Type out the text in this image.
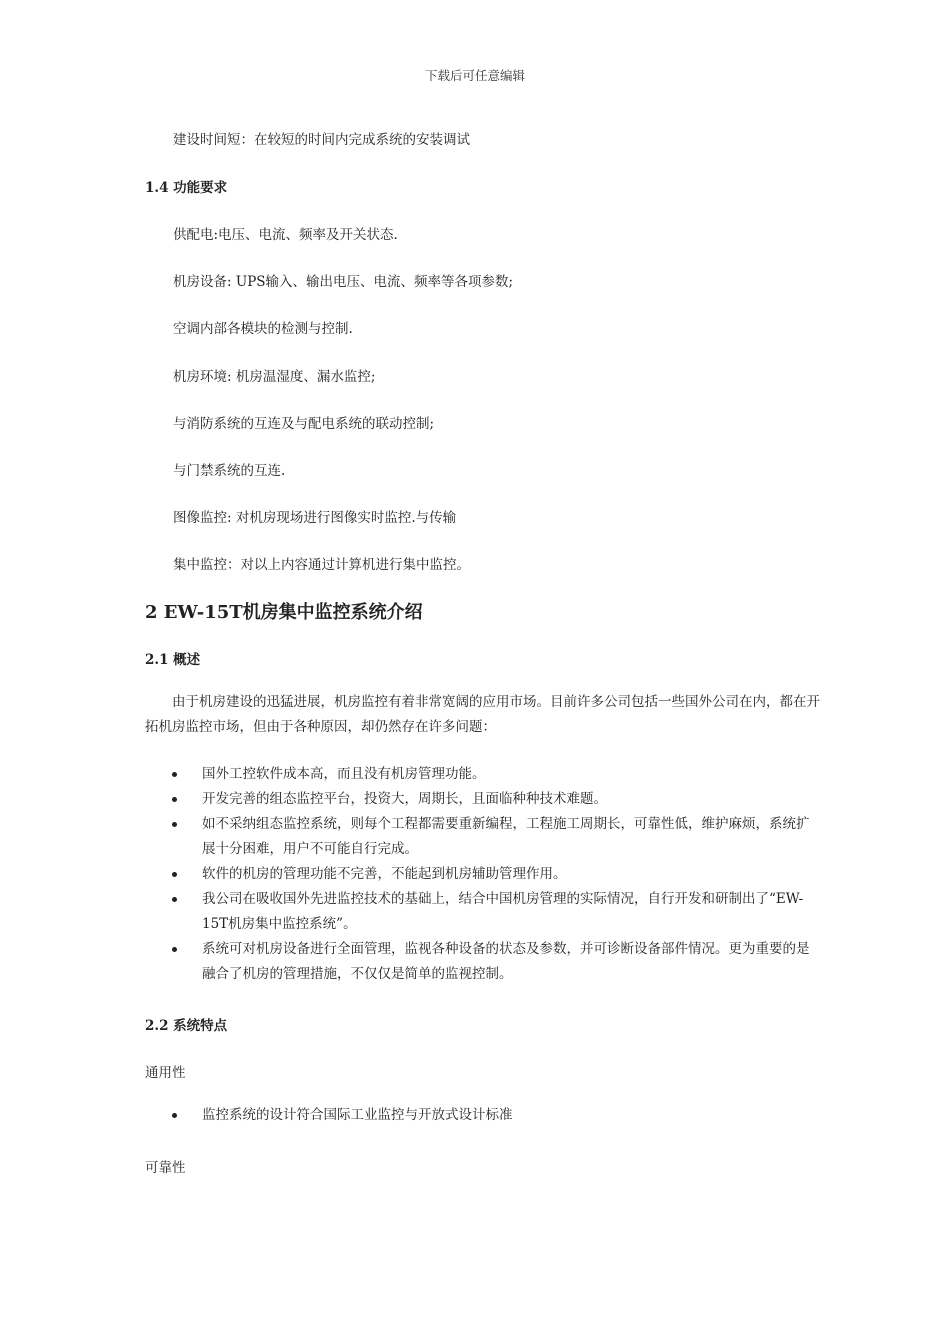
下载后可任意编辑
建设时间短：在较短的时间内完成系统的安装调试
1.4 功能要求
供配电:电压、电流、频率及开关状态.
机房设备: UPS输入、输出电压、电流、频率等各项参数;
空调内部各模块的检测与控制.
机房环境: 机房温湿度、漏水监控;
与消防系统的互连及与配电系统的联动控制;
与门禁系统的互连.
图像监控: 对机房现场进行图像实时监控.与传输
集中监控：对以上内容通过计算机进行集中监控。
2 EW-15T机房集中监控系统介绍
2.1 概述
由于机房建设的迅猛进展，机房监控有着非常宽阔的应用市场。目前许多公司包括一些国外公司在内，都在开拓机房监控市场，但由于各种原因，却仍然存在许多问题：
国外工控软件成本高，而且没有机房管理功能。
开发完善的组态监控平台，投资大，周期长，且面临种种技术难题。
如不采纳组态监控系统，则每个工程都需要重新编程，工程施工周期长，可靠性低，维护麻烦，系统扩展十分困难，用户不可能自行完成。
软件的机房的管理功能不完善，不能起到机房辅助管理作用。
我公司在吸收国外先进监控技术的基础上，结合中国机房管理的实际情况，自行开发和研制出了“EW-15T机房集中监控系统”。
系统可对机房设备进行全面管理，监视各种设备的状态及参数，并可诊断设备部件情况。更为重要的是融合了机房的管理措施，不仅仅是简单的监视控制。
2.2 系统特点
通用性
监控系统的设计符合国际工业监控与开放式设计标准
可靠性
